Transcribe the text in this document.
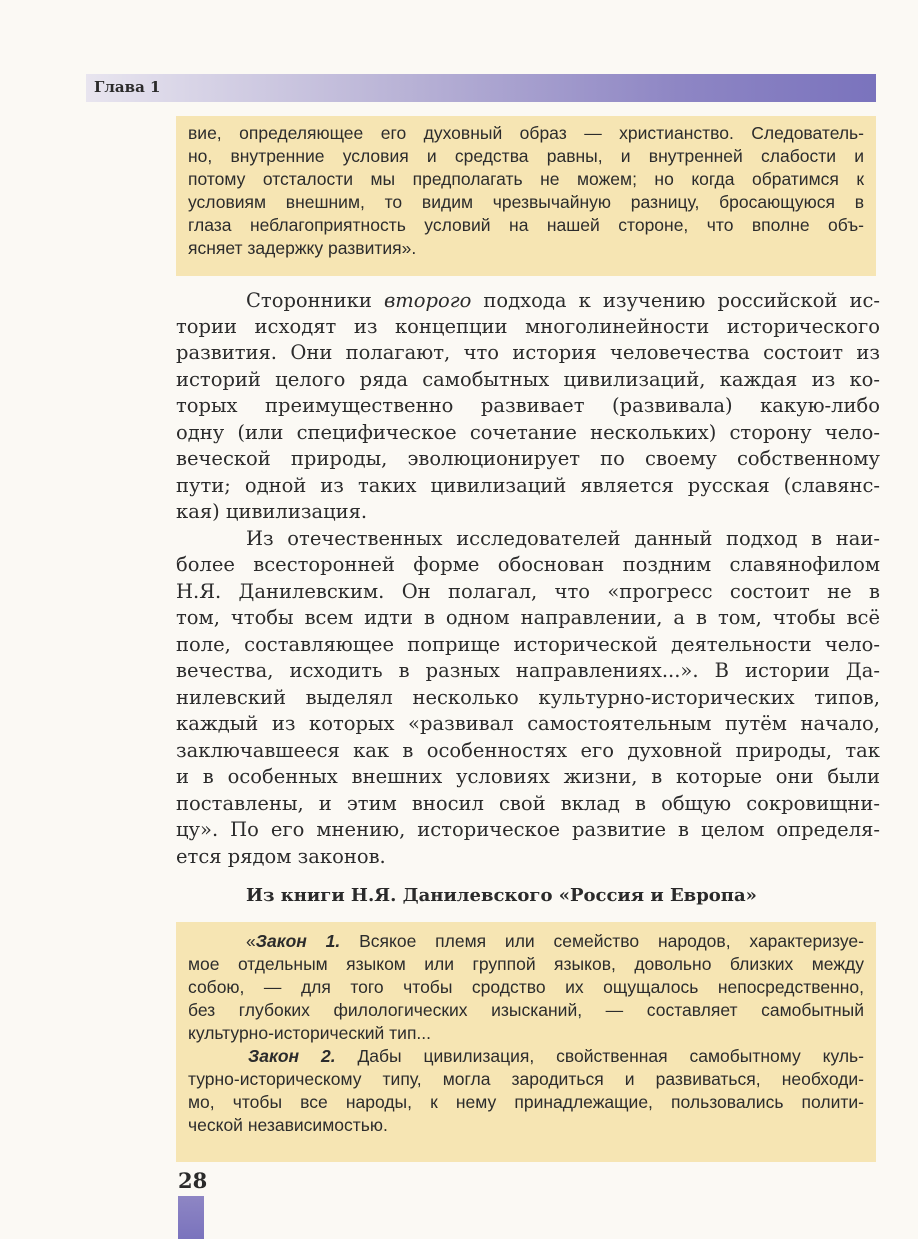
Глава 1
вие, определяющее его духовный образ — христианство. Следователь-
но, внутренние условия и средства равны, и внутренней слабости и
потому отсталости мы предполагать не можем; но когда обратимся к
условиям внешним, то видим чрезвычайную разницу, бросающуюся в
глаза неблагоприятность условий на нашей стороне, что вполне объ-
ясняет задержку развития».
Сторонники второго подхода к изучению российской ис-
тории исходят из концепции многолинейности исторического
развития. Они полагают, что история человечества состоит из
историй целого ряда самобытных цивилизаций, каждая из ко-
торых преимущественно развивает (развивала) какую-либо
одну (или специфическое сочетание нескольких) сторону чело-
веческой природы, эволюционирует по своему собственному
пути; одной из таких цивилизаций является русская (славянс-
кая) цивилизация.
Из отечественных исследователей данный подход в наи-
более всесторонней форме обоснован поздним славянофилом
Н.Я. Данилевским. Он полагал, что «прогресс состоит не в
том, чтобы всем идти в одном направлении, а в том, чтобы всё
поле, составляющее поприще исторической деятельности чело-
вечества, исходить в разных направлениях...». В истории Да-
нилевский выделял несколько культурно-исторических типов,
каждый из которых «развивал самостоятельным путём начало,
заключавшееся как в особенностях его духовной природы, так
и в особенных внешних условиях жизни, в которые они были
поставлены, и этим вносил свой вклад в общую сокровищни-
цу». По его мнению, историческое развитие в целом определя-
ется рядом законов.
Из книги Н.Я. Данилевского «Россия и Европа»
«Закон 1. Всякое племя или семейство народов, характеризуе-
мое отдельным языком или группой языков, довольно близких между
собою, — для того чтобы сродство их ощущалось непосредственно,
без глубоких филологических изысканий, — составляет самобытный
культурно-исторический тип...
Закон 2. Дабы цивилизация, свойственная самобытному куль-
турно-историческому типу, могла зародиться и развиваться, необходи-
мо, чтобы все народы, к нему принадлежащие, пользовались полити-
ческой независимостью.
28
